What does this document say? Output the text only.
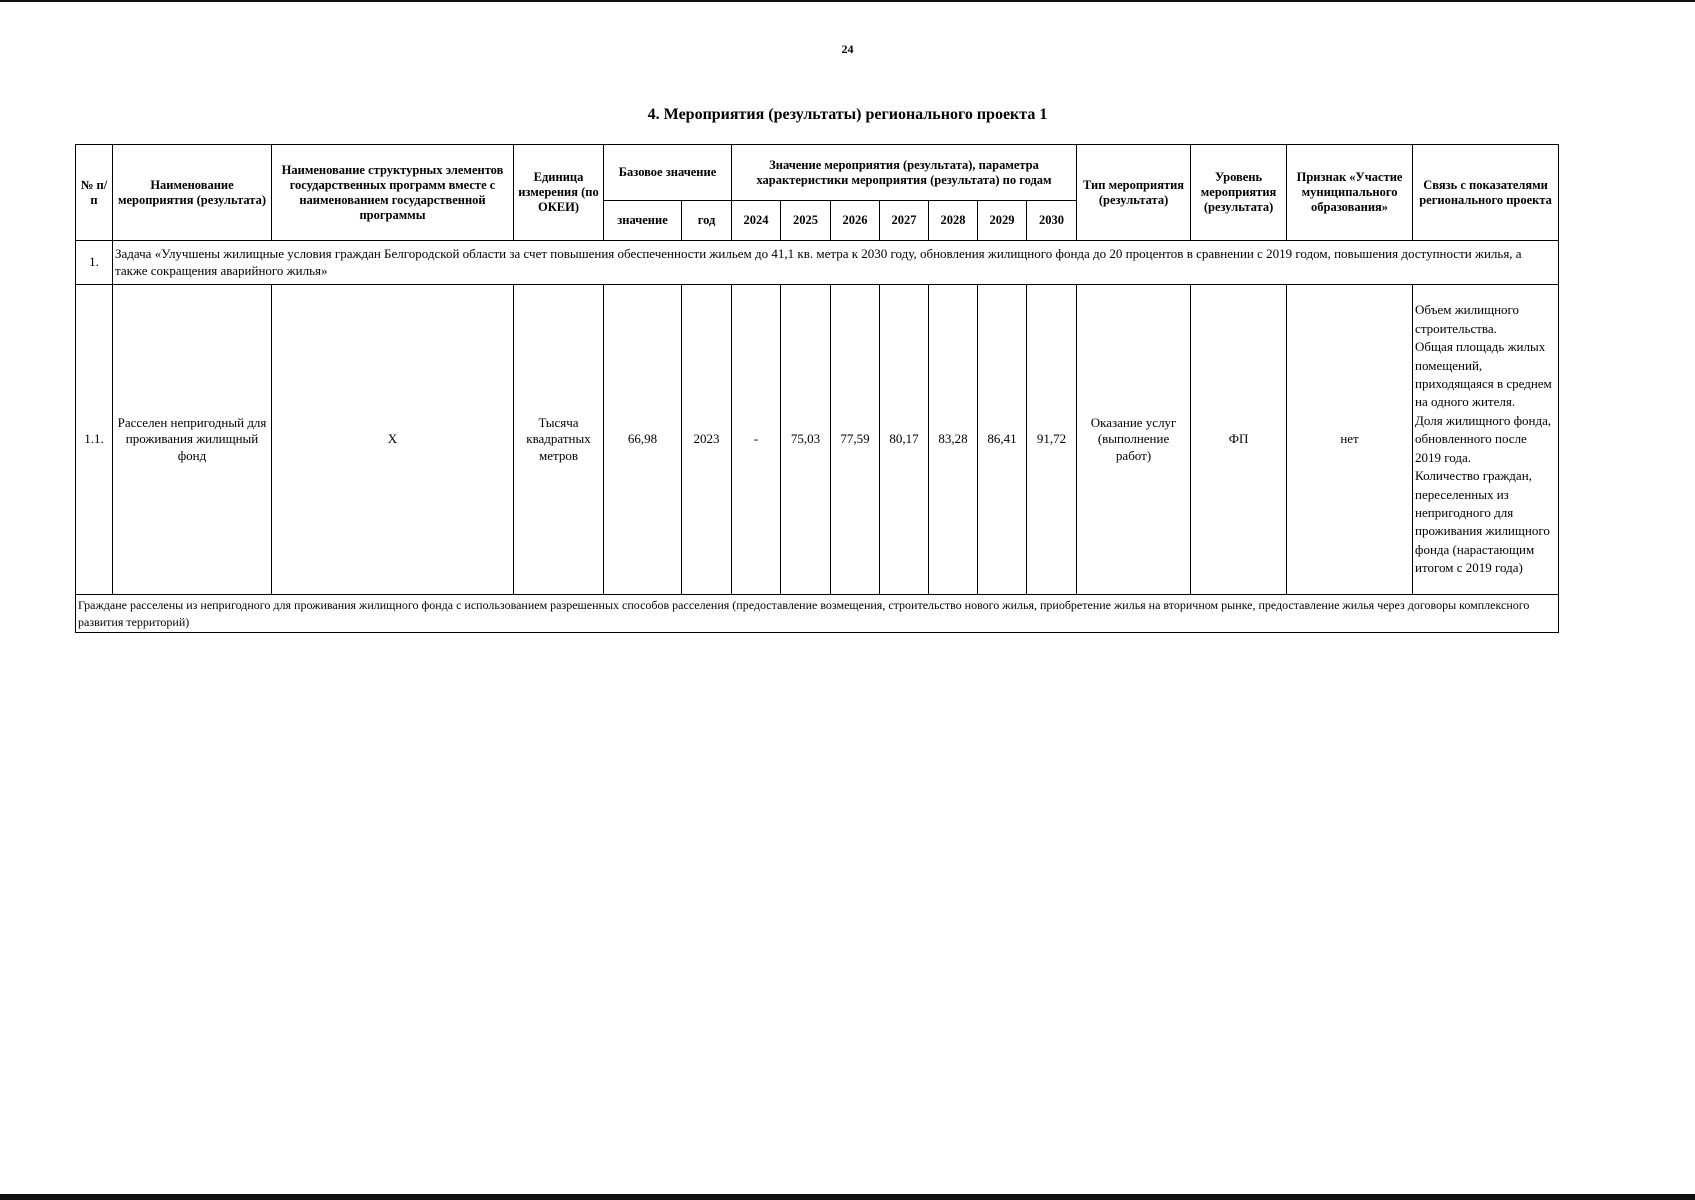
24
4. Мероприятия (результаты) регионального проекта 1
№ п/п	Наименование мероприятия (результата)	Наименование структурных элементов государственных программ вместе с наименованием государственной программы	Единица измерения (по ОКЕИ)	Базовое значение		Значение мероприятия (результата), параметра характеристики мероприятия (результата) по годам							Тип мероприятия (результата)	Уровень мероприятия (результата)	Признак «Участие муниципального образования»	Связь с показателями регионального проекта
				значение	год	2024	2025	2026	2027	2028	2029	2030				
1.	Задача «Улучшены жилищные условия граждан Белгородской области за счет повышения обеспеченности жильем до 41,1 кв. метра к 2030 году, обновления жилищного фонда до 20 процентов в сравнении с 2019 годом, повышения доступности жилья, а также сокращения аварийного жилья»															
1.1.	Расселен непригодный для проживания жилищный фонд	X	Тысяча квадратных метров	66,98	2023	-	75,03	77,59	80,17	83,28	86,41	91,72	Оказание услуг (выполнение работ)	ФП	нет	Объем жилищного строительства.
Общая площадь жилых помещений, приходящаяся в среднем на одного жителя.
Доля жилищного фонда, обновленного после 2019 года.
Количество граждан, переселенных из непригодного для проживания жилищного фонда (нарастающим итогом с 2019 года)

Граждане расселены из непригодного для проживания жилищного фонда с использованием разрешенных способов расселения (предоставление возмещения, строительство нового жилья, приобретение жилья на вторичном рынке, предоставление жилья через договоры комплексного развития территорий)																
